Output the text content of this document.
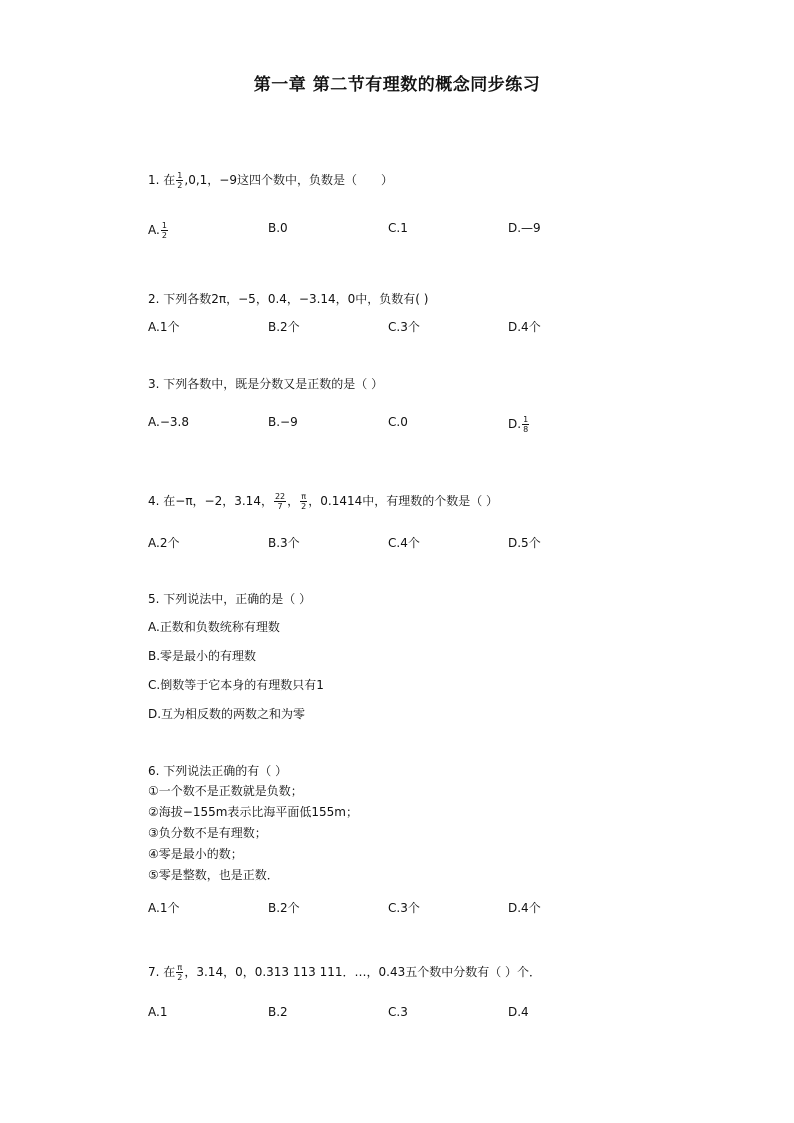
第一章 第二节有理数的概念同步练习
1. 在 $\frac{1}{2} ,0,1$，−9这四个数中，负数是（　　）
A. $\frac{1}{2}$	B.0	C.1	D.—9
2. 下列各数2π，−5，0.4，−3.14，0中，负数有( )
A.1个	B.2个	C.3个	D.4个
3. 下列各数中，既是分数又是正数的是（ ）
A.−3.8	B.−9	C.0	D. $\frac{1}{8}$
4. 在−π，−2，3.14， $\frac{22}{7}$ ， $\frac{\pi}{2}$ ，0.1414中，有理数的个数是（ ）
A.2个	B.3个	C.4个	D.5个
5. 下列说法中，正确的是（ ）
A.正数和负数统称有理数
B.零是最小的有理数
C.倒数等于它本身的有理数只有1
D.互为相反数的两数之和为零
6. 下列说法正确的有（ ）
①一个数不是正数就是负数；
②海拔−155m表示比海平面低155m；
③负分数不是有理数；
④零是最小的数；
⑤零是整数，也是正数．
A.1个	B.2个	C.3个	D.4个
7. 在 $\frac{\pi}{2}$ ，3.14，0，0.313 113 111．…，0.43五个数中分数有（ ）个．
A.1	B.2	C.3	D.4
